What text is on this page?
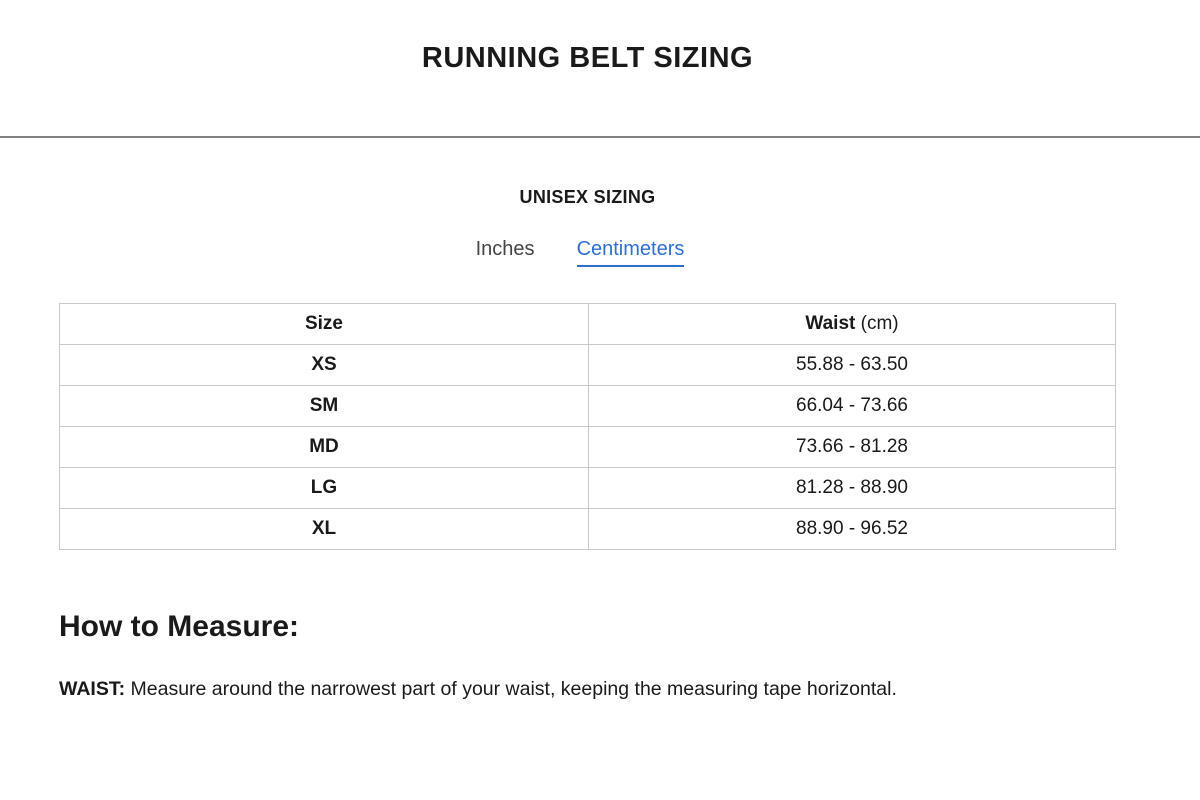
RUNNING BELT SIZING
UNISEX SIZING
Inches Centimeters
Size	Waist (cm)
XS	55.88 - 63.50
SM	66.04 - 73.66
MD	73.66 - 81.28
LG	81.28 - 88.90
XL	88.90 - 96.52
How to Measure:
WAIST: Measure around the narrowest part of your waist, keeping the measuring tape horizontal.
